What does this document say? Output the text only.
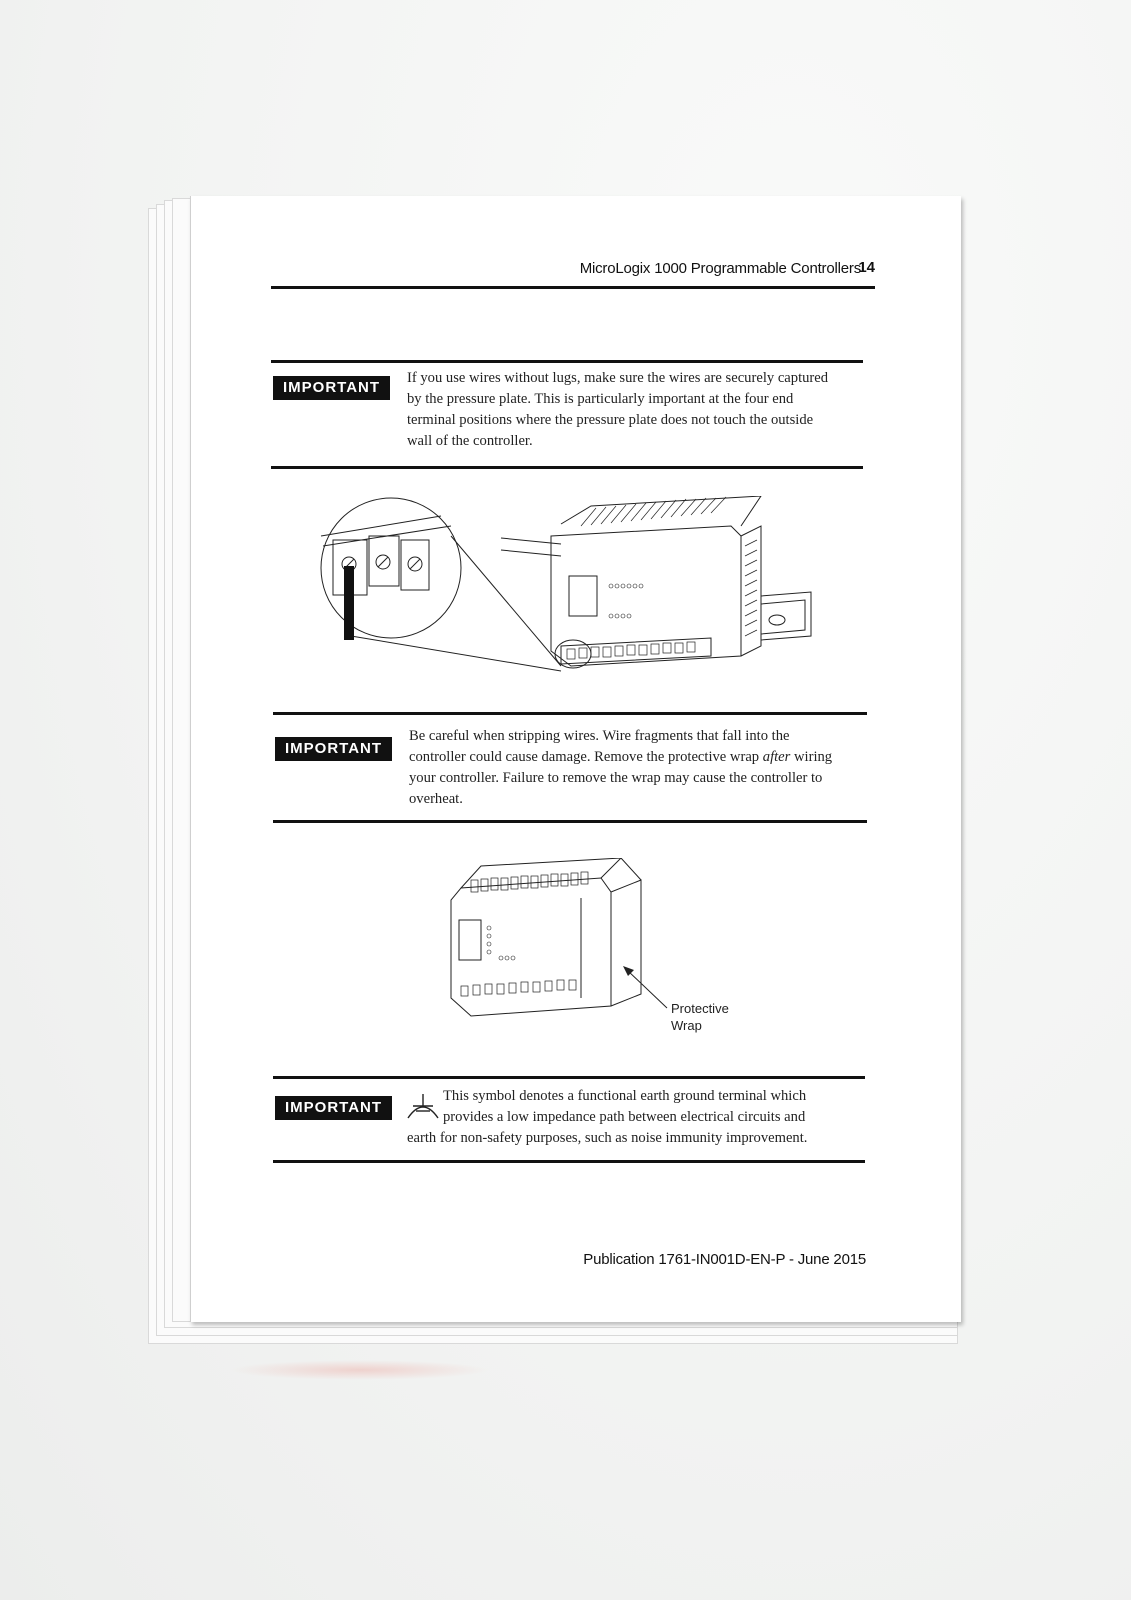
MicroLogix 1000 Programmable Controllers
14
IMPORTANT
If you use wires without lugs, make sure the wires are securely captured
by the pressure plate. This is particularly important at the four end
terminal positions where the pressure plate does not touch the outside
wall of the controller.
IMPORTANT
Be careful when stripping wires. Wire fragments that fall into the
controller could cause damage. Remove the protective wrap after wiring
your controller. Failure to remove the wrap may cause the controller to
overheat.
Protective
Wrap
IMPORTANT
This symbol denotes a functional earth ground terminal which
provides a low impedance path between electrical circuits and
earth for non-safety purposes, such as noise immunity improvement.
Publication 1761-IN001D-EN-P - June 2015
